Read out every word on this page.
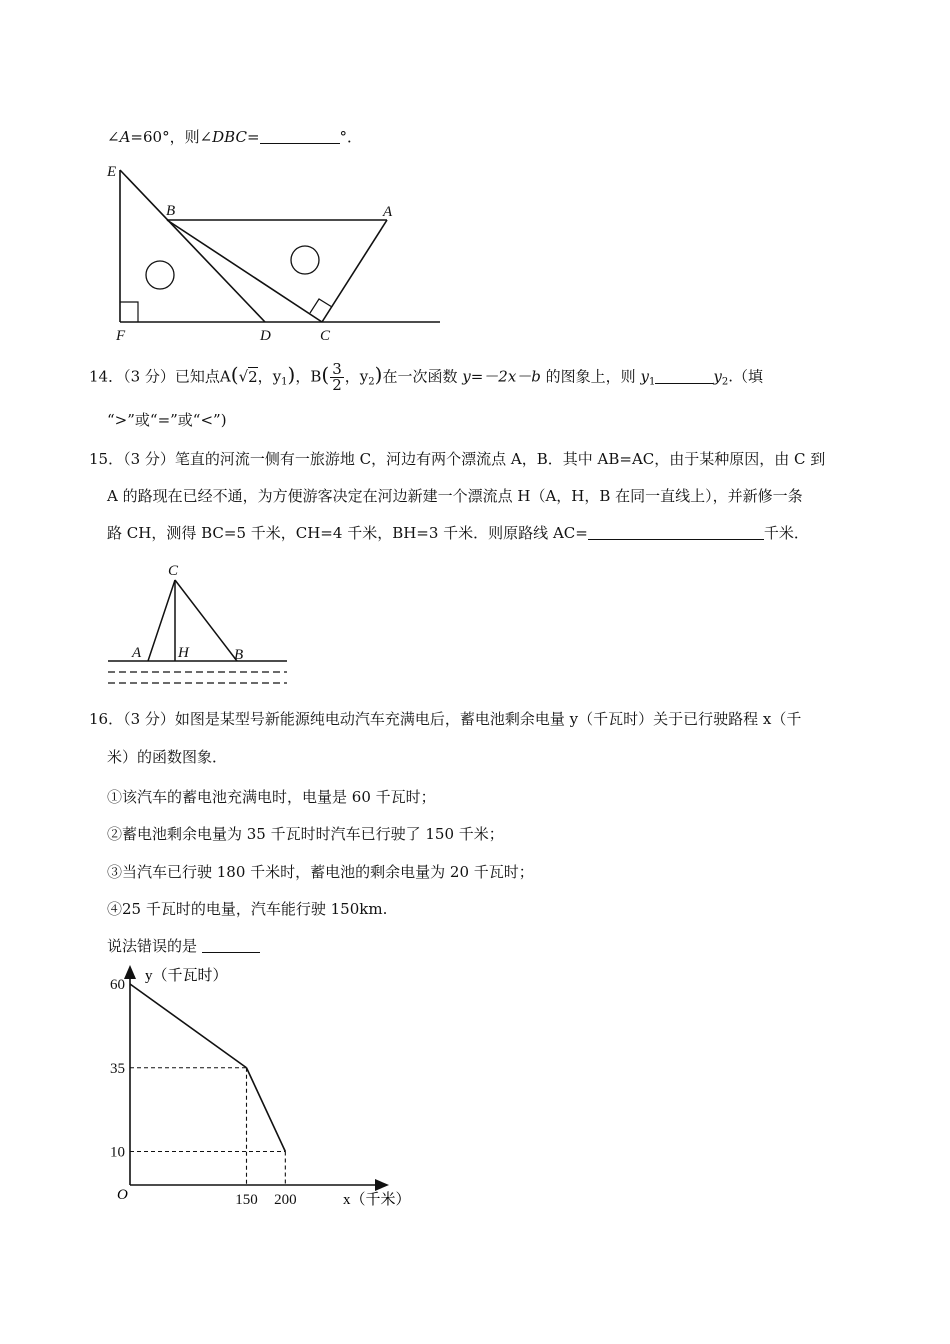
∠A=60°，则∠DBC=	°．
E
B	A
F	D	C
14．（3 分）已知点A(√2，$y_1$)，$B( \frac{3}{2}$ ，$y_2$)在一次函数 y=－2x－b 的图象上，则 $y_1$	$y_2$.（填
“>”或“=”或“<”)
15．（3 分）笔直的河流一侧有一旅游地 C，河边有两个漂流点 A，B．其中 AB=AC，由于某种原因，由 C 到
A 的路现在已经不通，为方便游客决定在河边新建一个漂流点 H（A，H，B 在同一直线上），并新修一条
路 CH，测得 BC=5 千米，CH=4 千米，BH=3 千米．则原路线 AC=	千米．
C
A H	B
16．（3 分）如图是某型号新能源纯电动汽车充满电后，蓄电池剩余电量 y（千瓦时）关于已行驶路程 x（千
米）的函数图象．
①该汽车的蓄电池充满电时，电量是 60 千瓦时；
②蓄电池剩余电量为 35 千瓦时时汽车已行驶了 150 千米；
③当汽车已行驶 180 千米时，蓄电池的剩余电量为 20 千瓦时；
④25 千瓦时的电量，汽车能行驶 150km.
说法错误的是
60
35
10
150 200
y（千瓦时）
x（千米）
O
